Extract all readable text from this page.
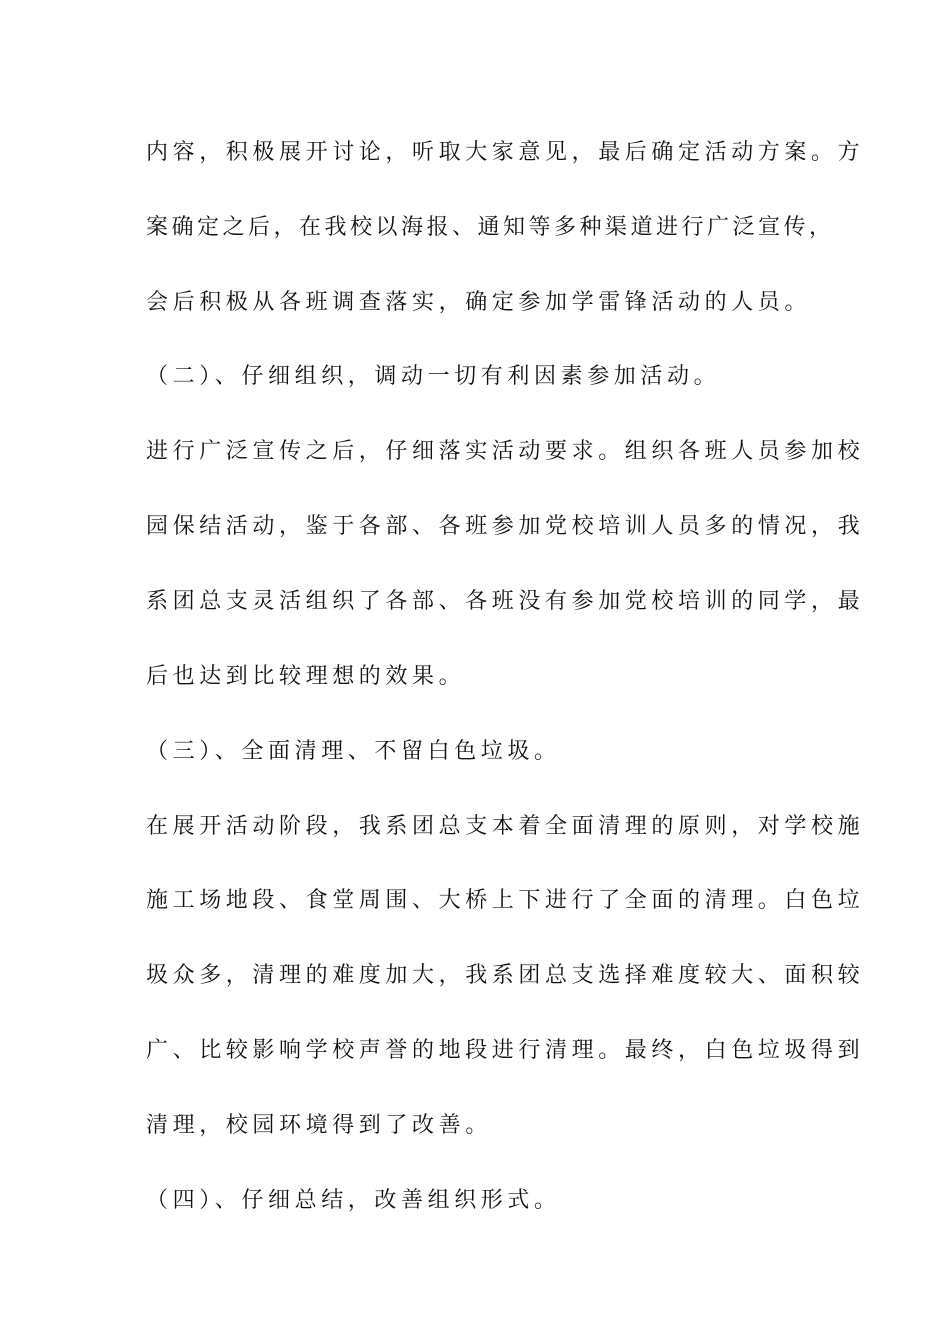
内容，积极展开讨论，听取大家意见，最后确定活动方案。方
案确定之后，在我校以海报、通知等多种渠道进行广泛宣传，
会后积极从各班调查落实，确定参加学雷锋活动的人员。
（二）、仔细组织，调动一切有利因素参加活动。
进行广泛宣传之后，仔细落实活动要求。组织各班人员参加校
园保结活动，鉴于各部、各班参加党校培训人员多的情况，我
系团总支灵活组织了各部、各班没有参加党校培训的同学，最
后也达到比较理想的效果。
（三）、全面清理、不留白色垃圾。
在展开活动阶段，我系团总支本着全面清理的原则，对学校施
施工场地段、食堂周围、大桥上下进行了全面的清理。白色垃
圾众多，清理的难度加大，我系团总支选择难度较大、面积较
广、比较影响学校声誉的地段进行清理。最终，白色垃圾得到
清理，校园环境得到了改善。
（四）、仔细总结，改善组织形式。
